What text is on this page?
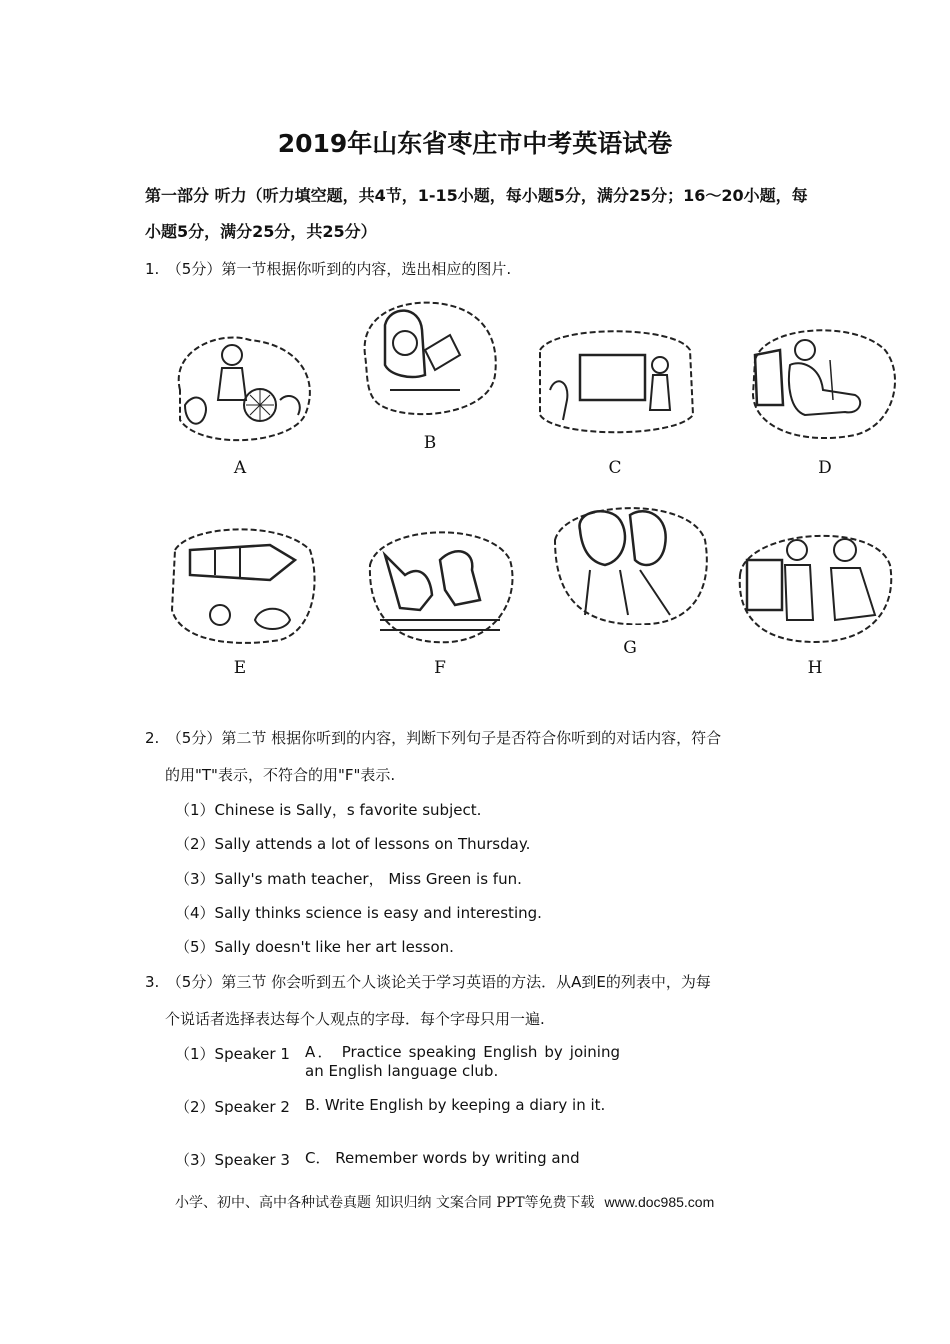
2019年山东省枣庄市中考英语试卷
第一部分 听力（听力填空题，共4节，1-15小题，每小题5分，满分25分；16～20小题，每小题5分，满分25分，共25分）
1.　（5分）第一节根据你听到的内容，选出相应的图片.
A
B
C	D
E	F
G
H
2.　（5分）第二节 根据你听到的内容，判断下列句子是否符合你听到的对话内容，符合
的用"T"表示，不符合的用"F"表示.
（1）Chinese is Sally，s favorite subject.
（2）Sally attends a lot of lessons on Thursday.
（3）Sally's math teacher， Miss Green is fun.
（4）Sally thinks science is easy and interesting.
（5）Sally doesn't like her art lesson.
3.　（5分）第三节 你会听到五个人谈论关于学习英语的方法．从A到E的列表中，为每
个说话者选择表达每个人观点的字母．每个字母只用一遍.
（1）Speaker 1 A． Practice speaking English by joining an English language club.
（2）Speaker 2 B. Write English by keeping a diary in it.
（3）Speaker 3 C． Remember words by writing and
小学、初中、高中各种试卷真题 知识归纳 文案合同 PPT等免费下载 www.doc985.com
